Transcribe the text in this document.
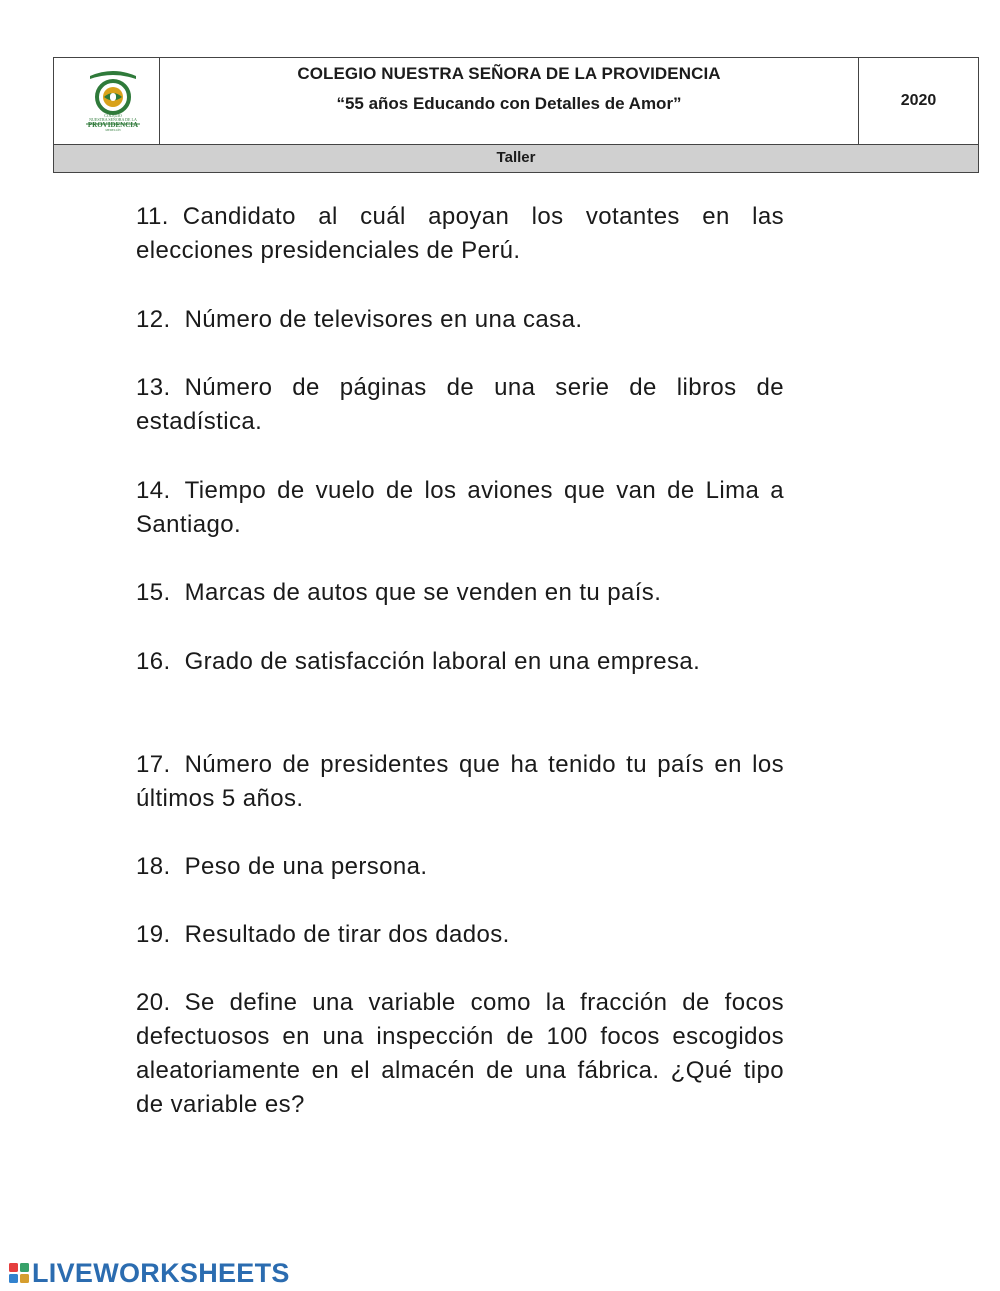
COLEGIO
NUESTRA SEÑORA DE LA
PROVIDENCIA
MEDELLÍN
COLEGIO NUESTRA SEÑORA DE LA PROVIDENCIA
“55 años Educando con Detalles de Amor”	2020
Taller
11. Candidato al cuál apoyan los votantes en las elecciones presidenciales de Perú.
12. Número de televisores en una casa.
13. Número de páginas de una serie de libros de estadística.
14. Tiempo de vuelo de los aviones que van de Lima a Santiago.
15. Marcas de autos que se venden en tu país.
16. Grado de satisfacción laboral en una empresa.
17. Número de presidentes que ha tenido tu país en los últimos 5 años.
18. Peso de una persona.
19. Resultado de tirar dos dados.
20. Se define una variable como la fracción de focos defectuosos en una inspección de 100 focos escogidos aleatoriamente en el almacén de una fábrica. ¿Qué tipo de variable es?
LIVEWORKSHEETS
